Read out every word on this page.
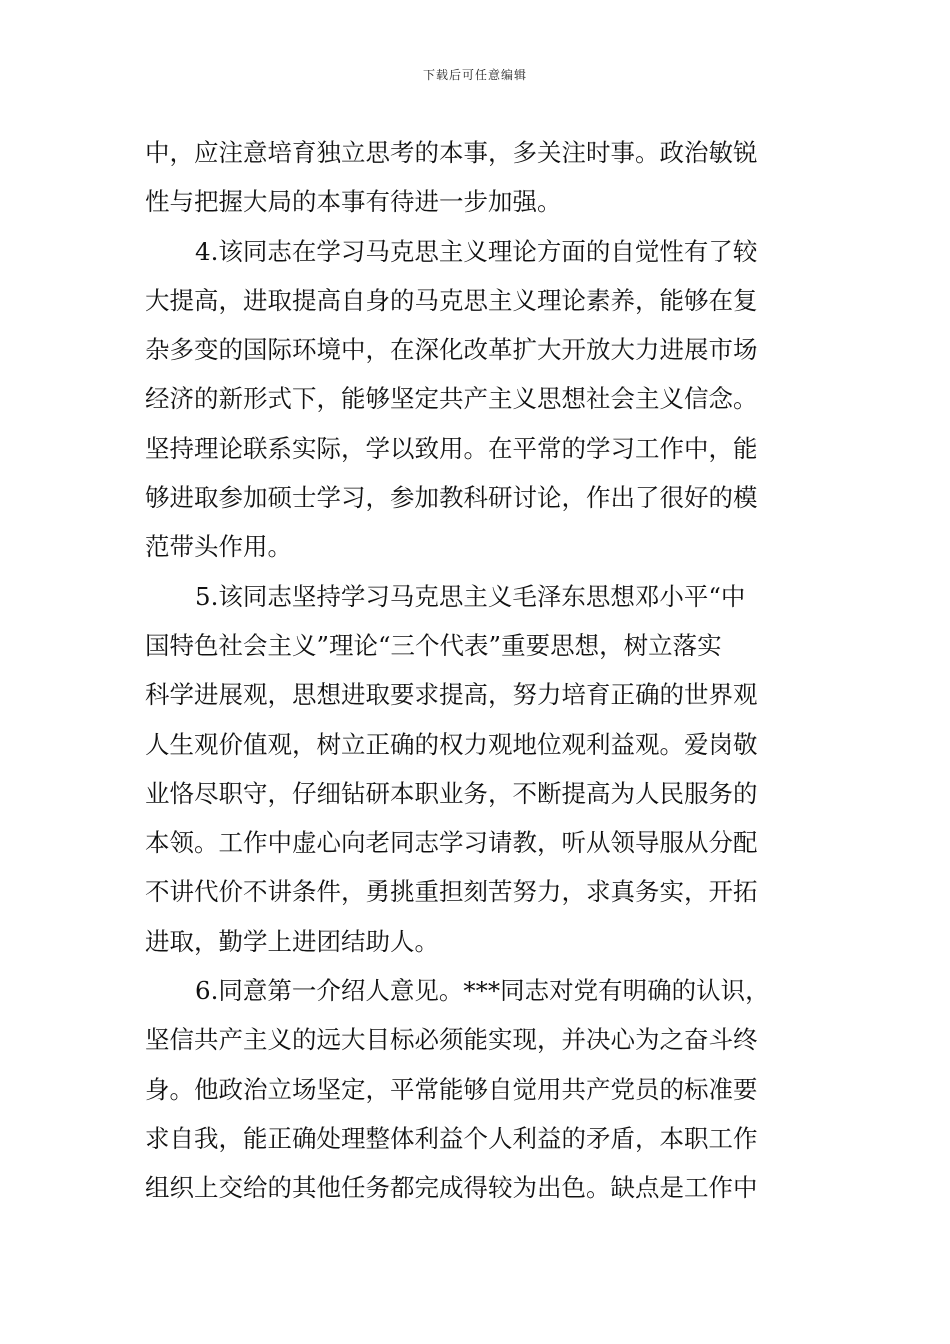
下载后可任意编辑

中，应注意培育独立思考的本事，多关注时事。政治敏锐
性与把握大局的本事有待进一步加强。

4.该同志在学习马克思主义理论方面的自觉性有了较
大提高，进取提高自身的马克思主义理论素养，能够在复
杂多变的国际环境中，在深化改革扩大开放大力进展市场
经济的新形式下，能够坚定共产主义思想社会主义信念。
坚持理论联系实际，学以致用。在平常的学习工作中，能
够进取参加硕士学习，参加教科研讨论，作出了很好的模
范带头作用。

5.该同志坚持学习马克思主义毛泽东思想邓小平“中
国特色社会主义”理论“三个代表”重要思想，树立落实
科学进展观，思想进取要求提高，努力培育正确的世界观
人生观价值观，树立正确的权力观地位观利益观。爱岗敬
业恪尽职守，仔细钻研本职业务，不断提高为人民服务的
本领。工作中虚心向老同志学习请教，听从领导服从分配
不讲代价不讲条件，勇挑重担刻苦努力，求真务实，开拓
进取，勤学上进团结助人。

6.同意第一介绍人意见。***同志对党有明确的认识，
坚信共产主义的远大目标必须能实现，并决心为之奋斗终
身。他政治立场坚定，平常能够自觉用共产党员的标准要
求自我，能正确处理整体利益个人利益的矛盾，本职工作
组织上交给的其他任务都完成得较为出色。缺点是工作中
